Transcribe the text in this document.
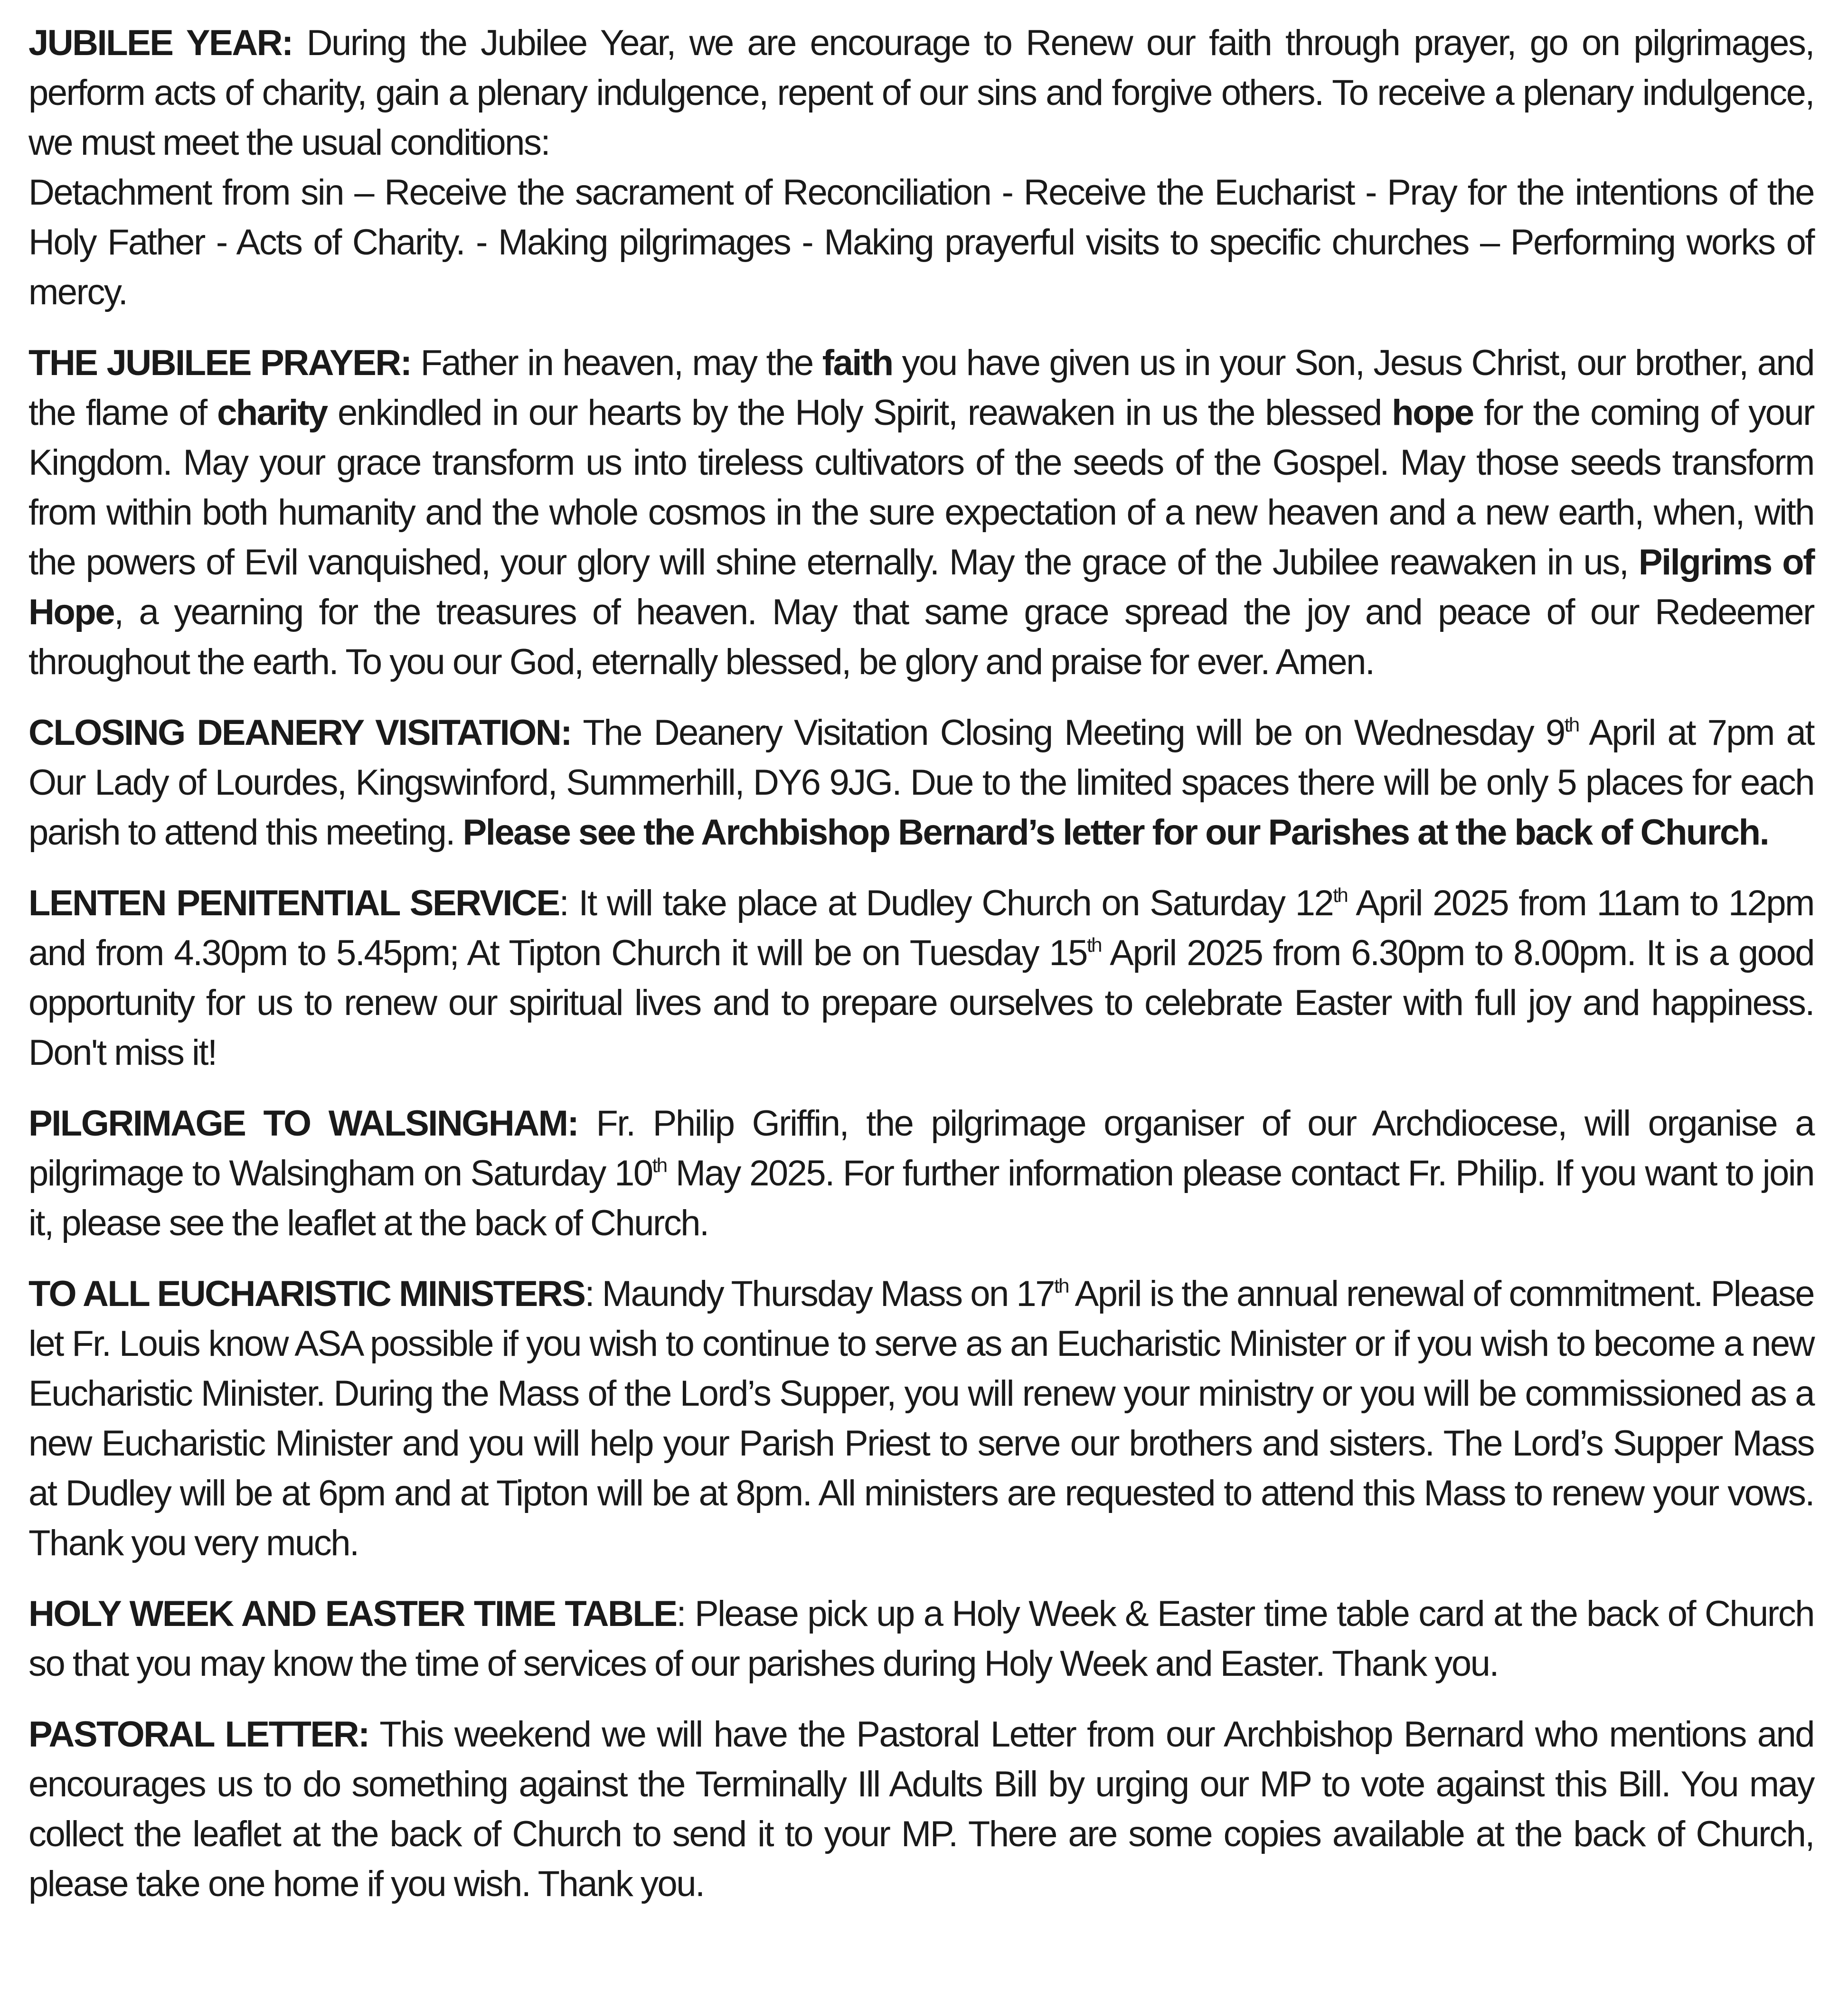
JUBILEE YEAR: During the Jubilee Year, we are encourage to Renew our faith through prayer, go on pilgrimages, perform acts of charity, gain a plenary indulgence, repent of our sins and forgive others. To receive a plenary indulgence, we must meet the usual conditions:

Detachment from sin – Receive the sacrament of Reconciliation - Receive the Eucharist - Pray for the intentions of the Holy Father - Acts of Charity. - Making pilgrimages - Making prayerful visits to specific churches – Performing works of mercy.

THE JUBILEE PRAYER: Father in heaven, may the faith you have given us in your Son, Jesus Christ, our brother, and the flame of charity enkindled in our hearts by the Holy Spirit, reawaken in us the blessed hope for the coming of your Kingdom. May your grace transform us into tireless cultivators of the seeds of the Gospel. May those seeds transform from within both humanity and the whole cosmos in the sure expectation of a new heaven and a new earth, when, with the powers of Evil vanquished, your glory will shine eternally. May the grace of the Jubilee reawaken in us, Pilgrims of Hope, a yearning for the treasures of heaven. May that same grace spread the joy and peace of our Redeemer throughout the earth. To you our God, eternally blessed, be glory and praise for ever. Amen.

CLOSING DEANERY VISITATION: The Deanery Visitation Closing Meeting will be on Wednesday 9th April at 7pm at Our Lady of Lourdes, Kingswinford, Summerhill, DY6 9JG. Due to the limited spaces there will be only 5 places for each parish to attend this meeting. Please see the Archbishop Bernard’s letter for our Parishes at the back of Church.

LENTEN PENITENTIAL SERVICE: It will take place at Dudley Church on Saturday 12th April 2025 from 11am to 12pm and from 4.30pm to 5.45pm; At Tipton Church it will be on Tuesday 15th April 2025 from 6.30pm to 8.00pm. It is a good opportunity for us to renew our spiritual lives and to prepare ourselves to celebrate Easter with full joy and happiness. Don't miss it!

PILGRIMAGE TO WALSINGHAM: Fr. Philip Griffin, the pilgrimage organiser of our Archdiocese, will organise a pilgrimage to Walsingham on Saturday 10th May 2025. For further information please contact Fr. Philip. If you want to join it, please see the leaflet at the back of Church.

TO ALL EUCHARISTIC MINISTERS: Maundy Thursday Mass on 17th April is the annual renewal of commitment. Please let Fr. Louis know ASA possible if you wish to continue to serve as an Eucharistic Minister or if you wish to become a new Eucharistic Minister. During the Mass of the Lord’s Supper, you will renew your ministry or you will be commissioned as a new Eucharistic Minister and you will help your Parish Priest to serve our brothers and sisters. The Lord’s Supper Mass at Dudley will be at 6pm and at Tipton will be at 8pm. All ministers are requested to attend this Mass to renew your vows. Thank you very much.

HOLY WEEK AND EASTER TIME TABLE: Please pick up a Holy Week & Easter time table card at the back of Church so that you may know the time of services of our parishes during Holy Week and Easter. Thank you.

PASTORAL LETTER: This weekend we will have the Pastoral Letter from our Archbishop Bernard who mentions and encourages us to do something against the Terminally Ill Adults Bill by urging our MP to vote against this Bill. You may collect the leaflet at the back of Church to send it to your MP. There are some copies available at the back of Church, please take one home if you wish. Thank you.
